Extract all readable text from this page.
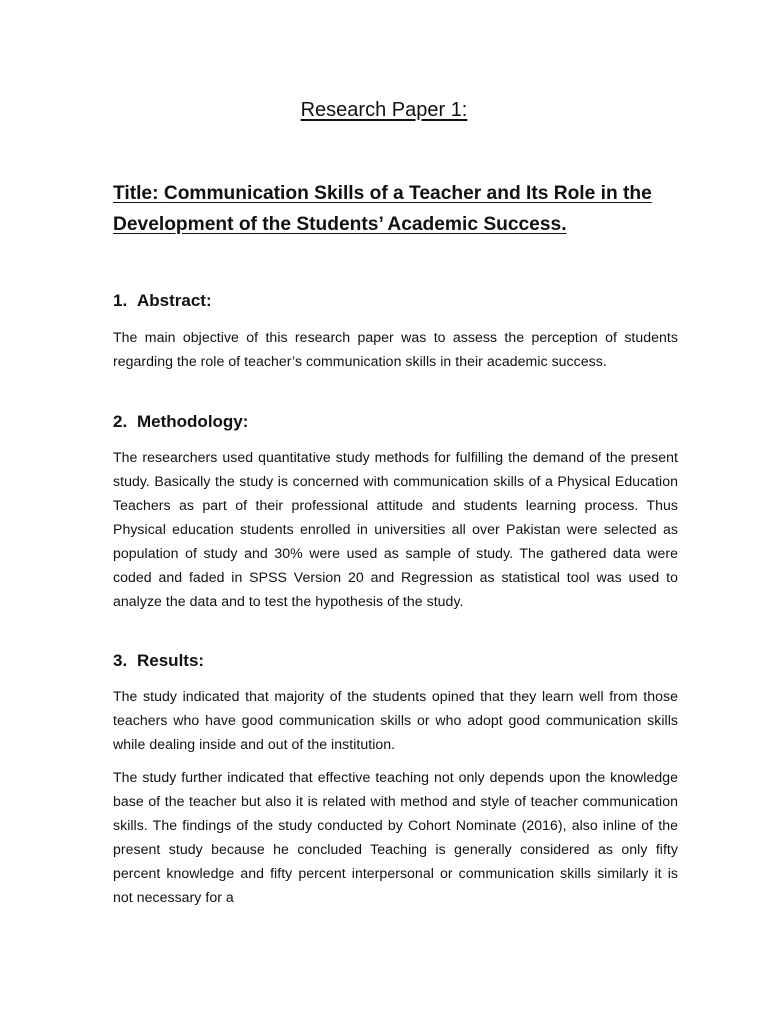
Research Paper 1:
Title: Communication Skills of a Teacher and Its Role in the Development of the Students’ Academic Success.
1. Abstract:
The main objective of this research paper was to assess the perception of students regarding the role of teacher’s communication skills in their academic success.
2. Methodology:
The researchers used quantitative study methods for fulfilling the demand of the present study. Basically the study is concerned with communication skills of a Physical Education Teachers as part of their professional attitude and students learning process. Thus Physical education students enrolled in universities all over Pakistan were selected as population of study and 30% were used as sample of study. The gathered data were coded and faded in SPSS Version 20 and Regression as statistical tool was used to analyze the data and to test the hypothesis of the study.
3. Results:
The study indicated that majority of the students opined that they learn well from those teachers who have good communication skills or who adopt good communication skills while dealing inside and out of the institution.
The study further indicated that effective teaching not only depends upon the knowledge base of the teacher but also it is related with method and style of teacher communication skills. The findings of the study conducted by Cohort Nominate (2016), also inline of the present study because he concluded Teaching is generally considered as only fifty percent knowledge and fifty percent interpersonal or communication skills similarly it is not necessary for a
